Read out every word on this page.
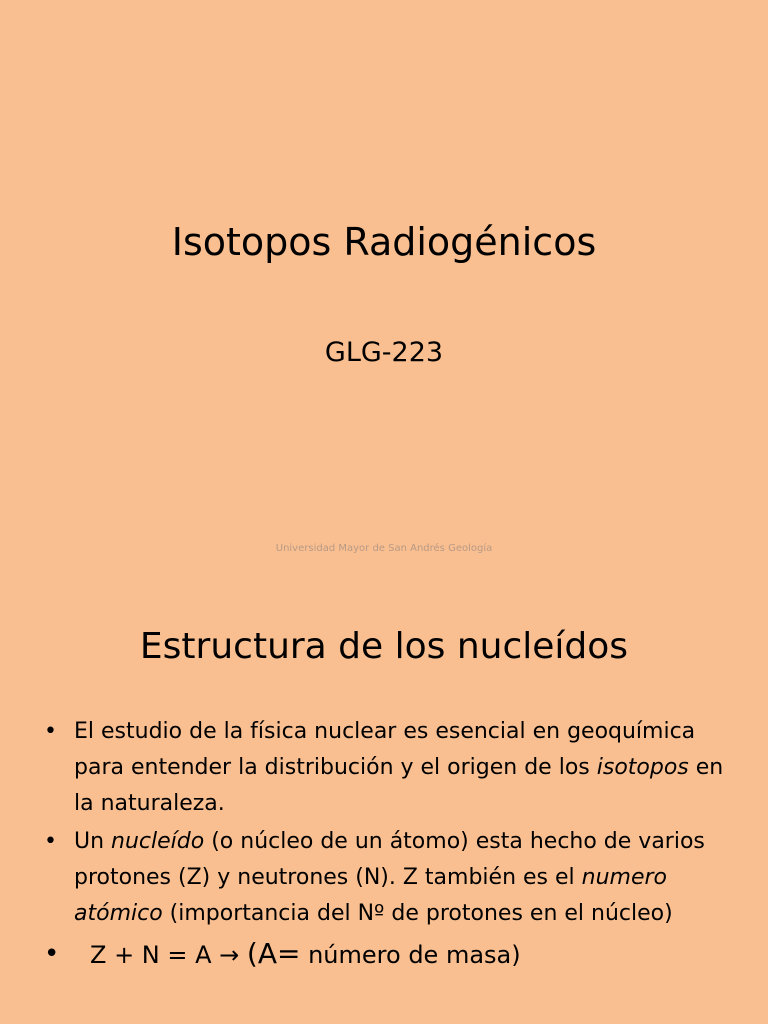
Isotopos Radiogénicos
GLG-223
Universidad Mayor de San Andrés Geología
Estructura de los nucleídos
• El estudio de la física nuclear es esencial en geoquímica para entender la distribución y el origen de los isotopos en la naturaleza.
• Un nucleído (o núcleo de un átomo) esta hecho de varios protones (Z) y neutrones (N). Z también es el numero atómico (importancia del Nº de protones en el núcleo)
• Z + N = A → (A= número de masa)
